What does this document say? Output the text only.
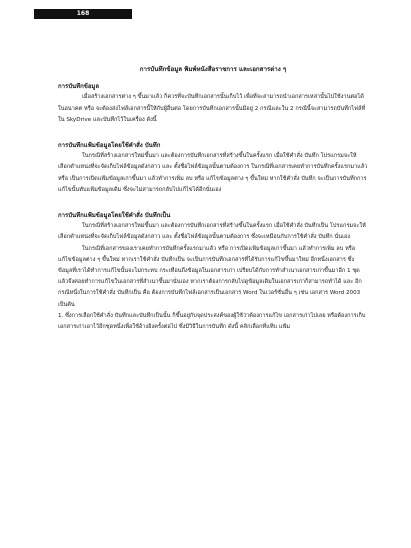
168

การบันทึกข้อมูล พิมพ์หนังสือราชการ และเอกสารต่าง ๆ

การบันทึกข้อมูล

เมื่อสร้างเอกสารต่าง ๆ ขึ้นมาแล้ว ก็ควรที่จะบันทึกเอกสารนั้นเก็บไว้ เพื่อที่จะสามารถนำเอกสารเหล่านั้นไปใช้งานต่อได้ในอนาคต หรือ จะต้องส่งไฟล์เอกสารนี้ให้กับผู้อื่นต่อ โดยการบันทึกเอกสารนั้นมีอยู่ 2 กรณีและใน 2 กรณีนี้จะสามารถบันทึกไฟล์ที่ใน SkyDrive และบันทึกไว้ในเครื่อง ดังนี้

การบันทึกแฟ้มข้อมูลโดยใช้คำสั่ง บันทึก

ในกรณีที่สร้างเอกสารใหม่ขึ้นมา และต้องการบันทึกเอกสารที่สร้างขึ้นในครั้งแรก เมื่อใช้คำสั่ง บันทึก โปรแกรมจะให้เลือกตำแหน่งที่จะจัดเก็บไฟล์ข้อมูลดังกล่าว และ ตั้งชื่อไฟล์ข้อมูลนั้นตามต้องการ ในกรณีที่เอกสารเคยทำการบันทึกครั้งแรกมาแล้ว หรือ เป็นการเปิดแฟ้มข้อมูลเก่าขึ้นมา แล้วทำการเพิ่ม ลบ หรือ แก้ไขข้อมูลต่าง ๆ ขึ้นใหม่ หากใช้คำสั่ง บันทึก จะเป็นการบันทึกการแก้ไขนั้นทับแฟ้มข้อมูลเดิม ซึ่งจะไม่สามารถกลับไปแก้ไขได้อีกนั่นเอง

การบันทึกแฟ้มข้อมูลโดยใช้คำสั่ง บันทึกเป็น

ในกรณีที่สร้างเอกสารใหม่ขึ้นมา และต้องการบันทึกเอกสารที่สร้างขึ้นในครั้งแรก เมื่อใช้คำสั่ง บันทึกเป็น โปรแกรมจะให้เลือกตำแหน่งที่จะจัดเก็บไฟล์ข้อมูลดังกล่าว และ ตั้งชื่อไฟล์ข้อมูลนั้นตามต้องการ ซึ่งจะเหมือนกับการใช้คำสั่ง บันทึก นั่นเอง

ในกรณีที่เอกสารของเราเคยทำการบันทึกครั้งแรกมาแล้ว หรือ การเปิดแฟ้มข้อมูลเก่าขึ้นมา แล้วทำการเพิ่ม ลบ หรือ แก้ไขข้อมูลต่าง ๆ ขึ้นใหม่ หากเราใช้คำสั่ง บันทึกเป็น จะเป็นการบันทึกเอกสารที่ได้รับการแก้ไขขึ้นมาใหม่ อีกหนึ่งเอกสาร ซึ่งข้อมูลที่เราได้ทำการแก้ไขนั้นจะไม่กระทบ กระเทือนถึงข้อมูลในเอกสารเก่า เปรียบได้กับการทำสำเนาเอกสารเก่าขึ้นมาอีก 1 ชุด แล้วจึงค่อยทำการแก้ไขในเอกสารที่สำเนาขึ้นมานั่นเอง หากเราต้องการกลับไปดูข้อมูลเดิมในเอกสารเก่าก็สามารถทำได้ และ อีกกรณีหนึ่งในการใช้คำสั่ง บันทึกเป็น คือ ต้องการบันทึกไฟล์เอกสารเป็นเอกสาร Word ในเวอร์ชั่นอื่น ๆ เช่น เอกสาร Word 2003 เป็นต้น

1. ซึ่งการเลือกใช้คำสั่ง บันทึกและบันทึกเป็นนั้น ก็ขึ้นอยู่กับจุดประสงค์ของผู้ใช้ว่าต้องการแก้ไข เอกสารเก่าไปเลย หรือต้องการเก็บเอกสารเก่าเอาไว้อีกชุดหนึ่งเพื่อใช้อ้างอิงครั้งต่อไป ซึ่งมีวิธีในการบันทึก ดังนี้ คลิกเลือกที่แท็บ แฟ้ม
